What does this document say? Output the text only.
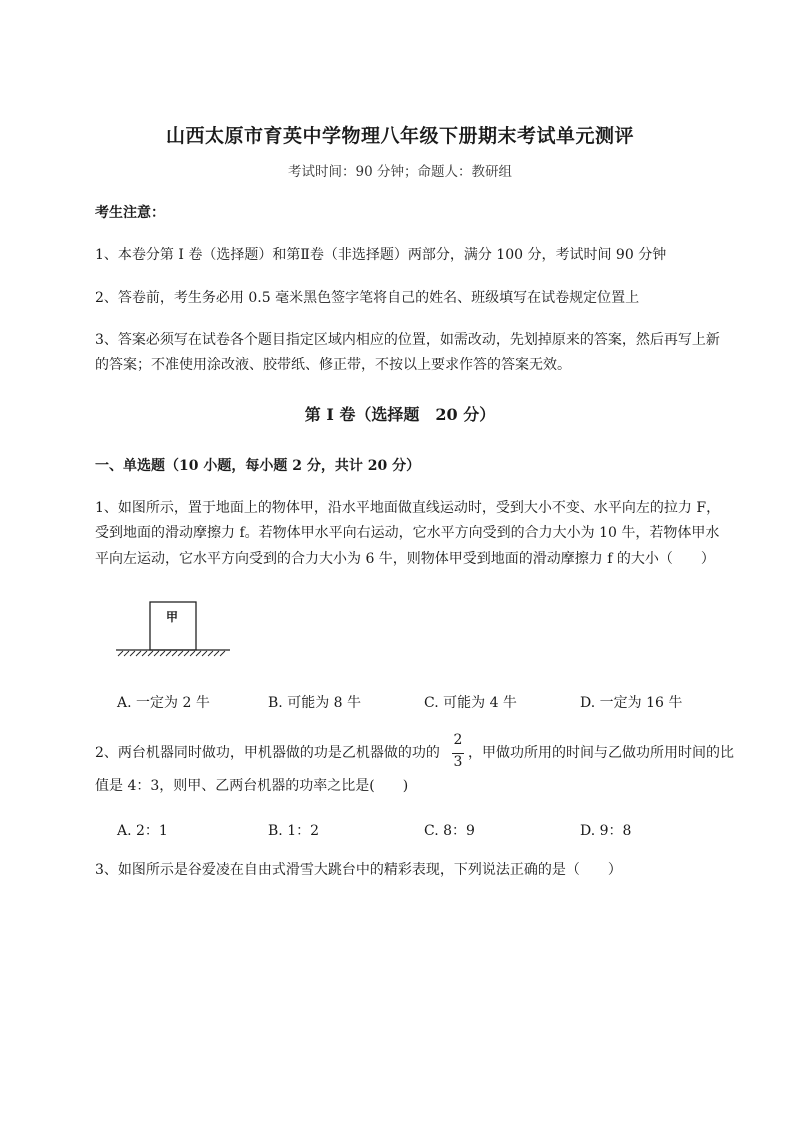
山西太原市育英中学物理八年级下册期末考试单元测评
考试时间：90 分钟；命题人：教研组
考生注意：
1、本卷分第 I 卷（选择题）和第Ⅱ卷（非选择题）两部分，满分 100 分，考试时间 90 分钟
2、答卷前，考生务必用 0.5 毫米黑色签字笔将自己的姓名、班级填写在试卷规定位置上
3、答案必须写在试卷各个题目指定区域内相应的位置，如需改动，先划掉原来的答案，然后再写上新
的答案；不准使用涂改液、胶带纸、修正带，不按以上要求作答的答案无效。
第 I 卷（选择题　20 分）
一、单选题（10 小题，每小题 2 分，共计 20 分）
1、如图所示，置于地面上的物体甲，沿水平地面做直线运动时，受到大小不变、水平向左的拉力 F，
受到地面的滑动摩擦力 f。若物体甲水平向右运动，它水平方向受到的合力大小为 10 牛，若物体甲水
平向左运动，它水平方向受到的合力大小为 6 牛，则物体甲受到地面的滑动摩擦力 f 的大小（　　）
甲
A. 一定为 2 牛	B. 可能为 8 牛	C. 可能为 4 牛	D. 一定为 16 牛
2、两台机器同时做功，甲机器做的功是乙机器做的功的
2
3
，甲做功所用的时间与乙做功所用时间的比
值是 4：3，则甲、乙两台机器的功率之比是(　　)
A. 2：1	B. 1：2	C. 8：9	D. 9：8
3、如图所示是谷爱凌在自由式滑雪大跳台中的精彩表现，下列说法正确的是（　　）
